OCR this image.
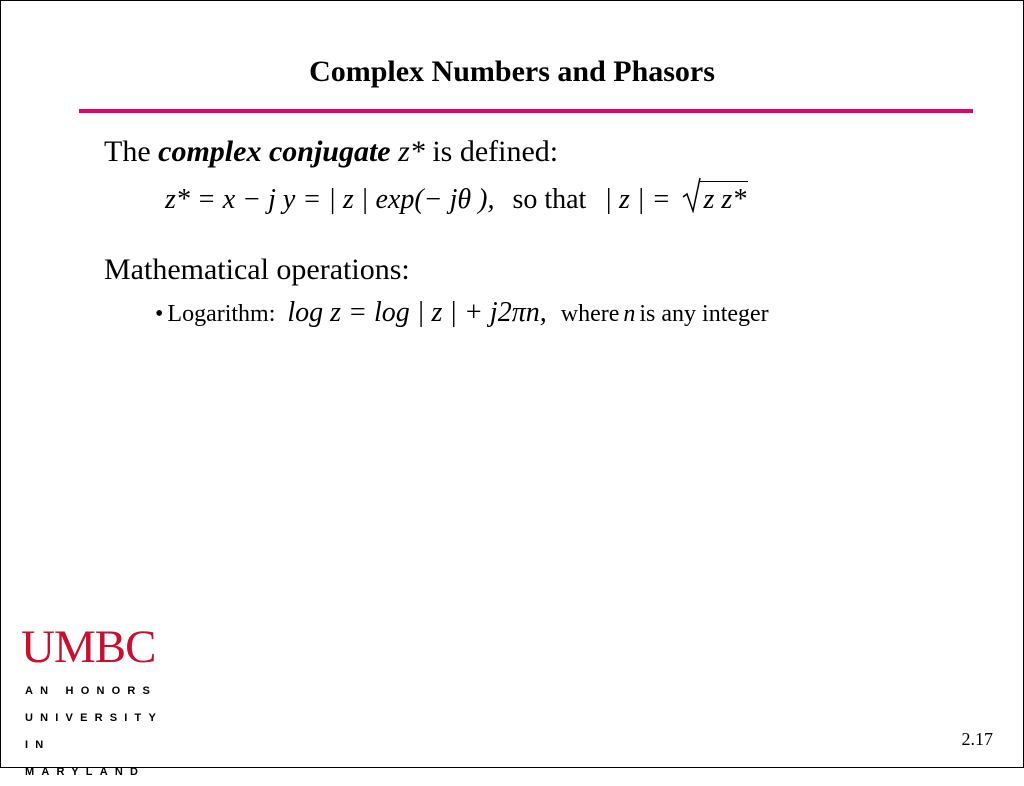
Complex Numbers and Phasors
The complex conjugate z* is defined:
z* = x − j y = | z | exp(− jθ ), so that | z | = z z*
Mathematical operations:
• Logarithm: log z = log | z | + j2πn, where n is any integer
UMBC
AN HONORS
UNIVERSITY
IN MARYLAND
2.17
